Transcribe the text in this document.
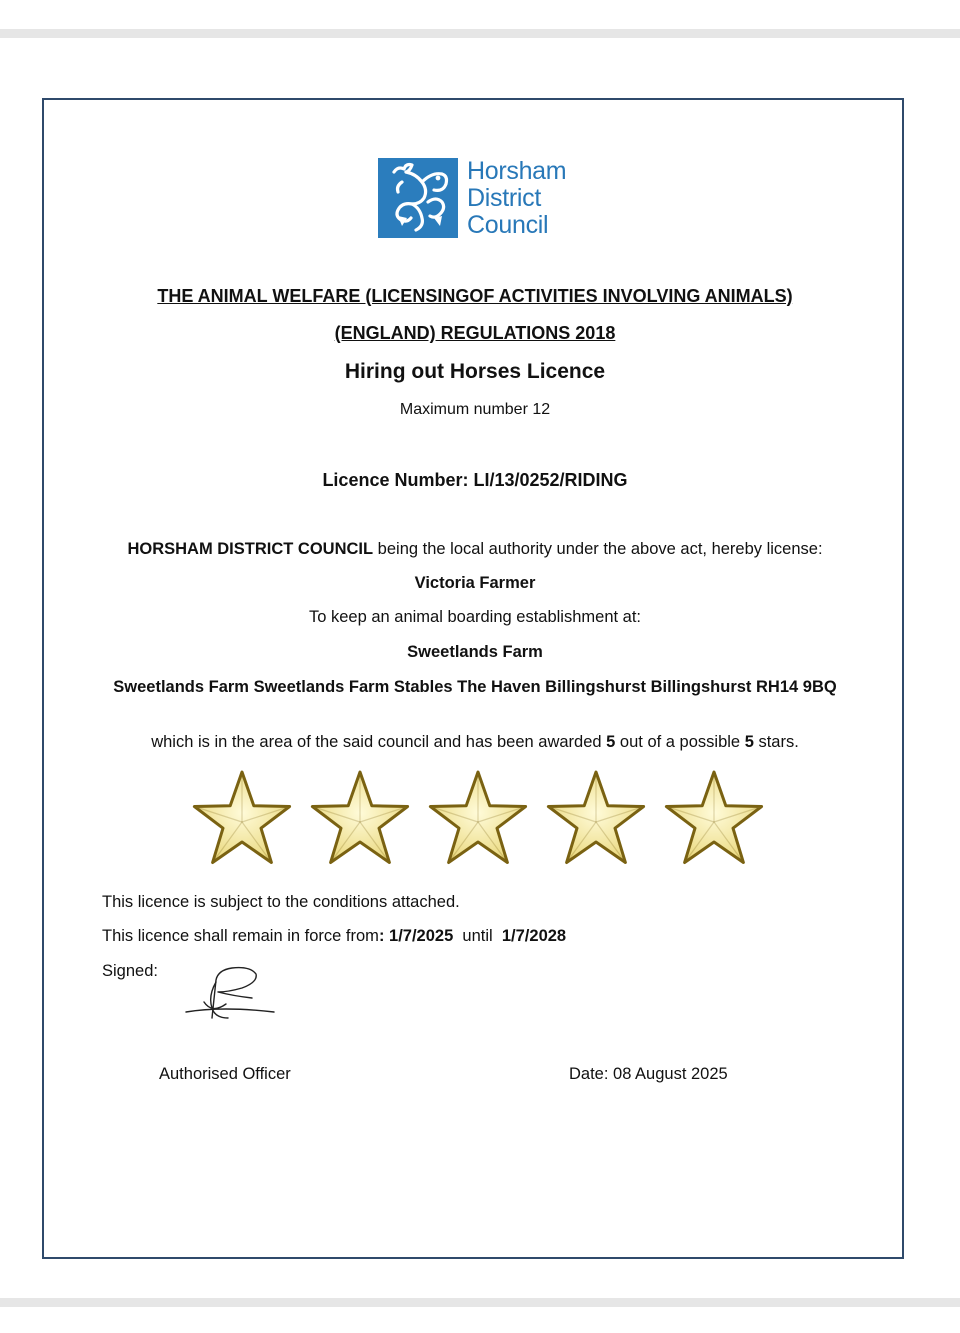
Horsham
District
Council
THE ANIMAL WELFARE (LICENSINGOF ACTIVITIES INVOLVING ANIMALS)
(ENGLAND) REGULATIONS 2018
Hiring out Horses Licence
Maximum number 12
Licence Number: LI/13/0252/RIDING
HORSHAM DISTRICT COUNCIL being the local authority under the above act, hereby license:
Victoria Farmer
To keep an animal boarding establishment at:
Sweetlands Farm
Sweetlands Farm Sweetlands Farm Stables The Haven Billingshurst Billingshurst RH14 9BQ
which is in the area of the said council and has been awarded 5 out of a possible 5 stars.
This licence is subject to the conditions attached.
This licence shall remain in force from: 1/7/2025  until  1/7/2028
Signed:
Authorised Officer	Date: 08 August 2025
